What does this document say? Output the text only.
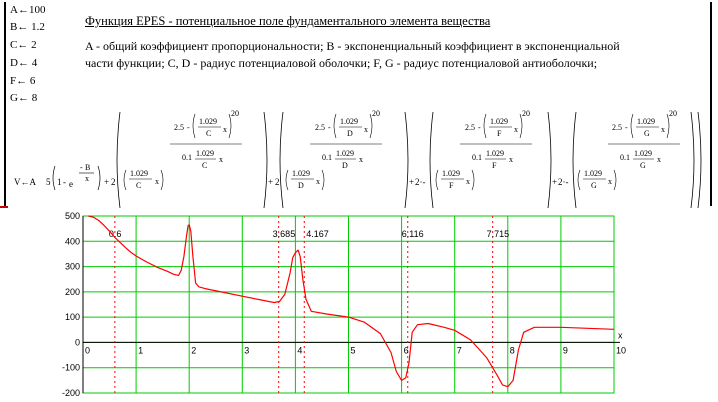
A←100
B← 1.2
C← 2
D← 4
F← 6
G← 8
Функция EPES - потенциальное поле фундаментального элемента вещества
A - общий коэффициент пропорциональности; B - экспоненциальный коэффициент в экспоненциальной
части функции; C, D - радиус потенциаловой оболочки; F, G - радиус потенциаловой антиоболочки;
V←A 5 1 - e
- B
x + 2
1.029
C x
2.5 -
1.029
C x
20
0.1 1.029
C
x
+ 2
1.029
D x
2.5 -
1.029
D x
20
0.1 1.029
D
x
+ 2·-
1.029
F x
2.5 -
1.029
F x
20
0.1 1.029
F
x
+ 2·-
1.029
G x
2.5 -
1.029
G x
20
0.1 1.029
G
x
x
0.6	3.685 4.167	6.116	7.715
0	1	2	3	4	5	6	7	8	9	10
-200
-100
0
100
200
300
400
500
